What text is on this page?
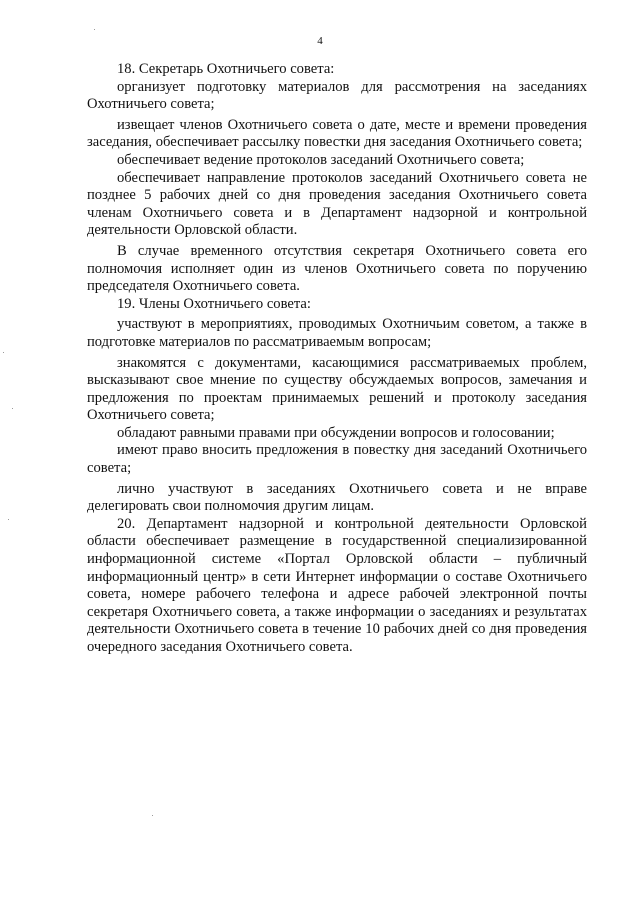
4

18. Секретарь Охотничьего совета:

организует подготовку материалов для рассмотрения на заседаниях Охотничьего совета;

извещает членов Охотничьего совета о дате, месте и времени проведения заседания, обеспечивает рассылку повестки дня заседания Охотничьего совета;

обеспечивает ведение протоколов заседаний Охотничьего совета;

обеспечивает направление протоколов заседаний Охотничьего совета не позднее 5 рабочих дней со дня проведения заседания Охотничьего совета членам Охотничьего совета и в Департамент надзорной и контрольной деятельности Орловской области.

В случае временного отсутствия секретаря Охотничьего совета его полномочия исполняет один из членов Охотничьего совета по поручению председателя Охотничьего совета.

19. Члены Охотничьего совета:

участвуют в мероприятиях, проводимых Охотничьим советом, а также в подготовке материалов по рассматриваемым вопросам;

знакомятся с документами, касающимися рассматриваемых проблем, высказывают свое мнение по существу обсуждаемых вопросов, замечания и предложения по проектам принимаемых решений и протоколу заседания Охотничьего совета;

обладают равными правами при обсуждении вопросов и голосовании;

имеют право вносить предложения в повестку дня заседаний Охотничьего совета;

лично участвуют в заседаниях Охотничьего совета и не вправе делегировать свои полномочия другим лицам.

20. Департамент надзорной и контрольной деятельности Орловской области обеспечивает размещение в государственной специализированной информационной системе «Портал Орловской области – публичный информационный центр» в сети Интернет информации о составе Охотничьего совета, номере рабочего телефона и адресе рабочей электронной почты секретаря Охотничьего совета, а также информации о заседаниях и результатах деятельности Охотничьего совета в течение 10 рабочих дней со дня проведения очередного заседания Охотничьего совета.
